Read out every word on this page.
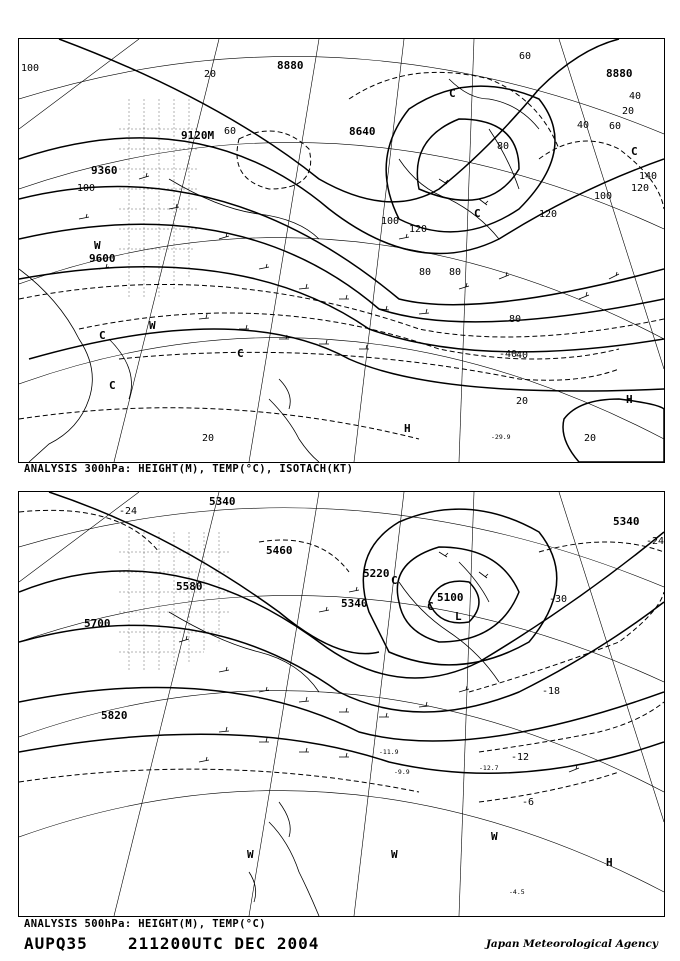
8880
9120M
9360
9600
8880
8640
100
20
60
100
120
80
80
40
20
20
60
80
100
120
140
120
100
80
40
60
20
40
20
-40
-29.9
C
C
W
C
C
W
C
H
H
C
ANALYSIS 300hPa: HEIGHT(M), TEMP(°C), ISOTACH(KT)
5340
5460
5580
5700
5820
5340	5100
5220
5340
-24
-24
-30
-18
-12
-6
-4.5
-12.7
-9.9
-11.9
C
L
C
W	W
W
H
ANALYSIS 500hPa: HEIGHT(M), TEMP(°C)
AUPQ35	211200UTC DEC 2004	Japan Meteorological Agency
